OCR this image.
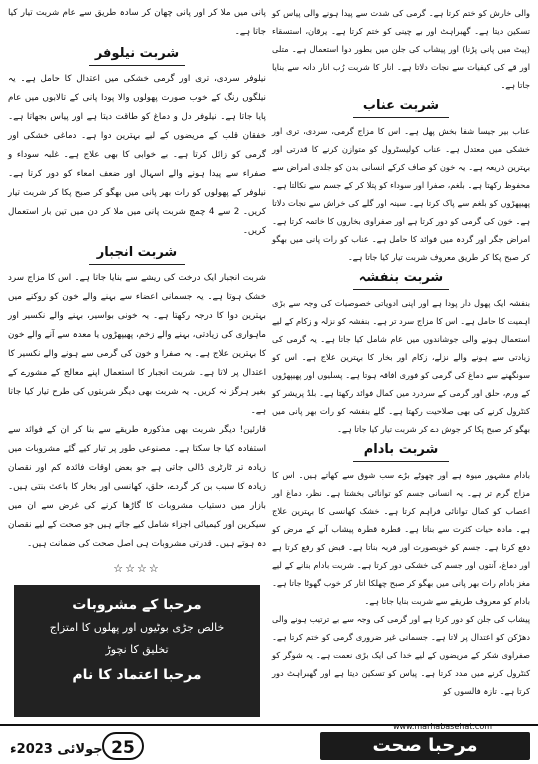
والی خارش کو ختم کرتا ہے۔ گرمی کی شدت سے پیدا ہونے والی پیاس کو تسکین دیتا ہے۔ گھبراہٹ اور بے چینی کو ختم کرتا ہے۔ یرقان، استسقاء (پیٹ میں پانی پڑنا) اور پیشاب کی جلن میں بطور دوا استعمال ہے۔ متلی اور قے کی کیفیات سے نجات دلاتا ہے۔ انار کا شربت رُب انار دانہ سے بنایا جاتا ہے۔

شربت عناب

عناب بیر جیسا شفا بخش پھل ہے۔ اس کا مزاج گرمی، سردی، تری اور خشکی میں معتدل ہے۔ عناب کولیسٹرول کو متوازن کرنے کا قدرتی اور بہترین ذریعہ ہے۔ یہ خون کو صاف کرکے انسانی بدن کو جلدی امراض سے محفوظ رکھتا ہے۔ بلغم، صفرا اور سوداء کو پتلا کر کے جسم سے نکالتا ہے۔ پھیپھڑوں کو بلغم سے پاک کرتا ہے۔ سینہ اور گلے کی خراش سے نجات دلاتا ہے۔ خون کی گرمی کو دور کرتا ہے اور صفراوی بخاروں کا خاتمہ کرتا ہے۔ امراض جگر اور گردہ میں فوائد کا حامل ہے۔ عناب کو رات پانی میں بھگو کر صبح پکا کر طریق معروف شربت تیار کیا جاتا ہے۔

شربت بنفشہ

بنفشہ ایک پھول دار پودا ہے اور اپنی ادویاتی خصوصیات کی وجہ سے بڑی اہمیت کا حامل ہے۔ اس کا مزاج سرد تر ہے۔ بنفشہ کو نزلہ و زکام کے لیے استعمال ہونے والی جوشاندوں میں عام شامل کیا جاتا ہے۔ یہ گرمی کی زیادتی سے ہونے والے نزلے، زکام اور بخار کا بہترین علاج ہے۔ اس کو سونگھنے سے دماغ کی گرمی کو فوری افاقہ ہوتا ہے۔ پسلیوں اور پھیپھڑوں کے ورم، حلق اور گرمی کے سردرد میں کمال فوائد رکھتا ہے۔ بلڈ پریشر کو کنٹرول کرنے کی بھی صلاحیت رکھتا ہے۔ گلے بنفشہ کو رات بھر پانی میں بھگو کر صبح پکا کر جوش دے کر شربت تیار کیا جاتا ہے۔

شربت بادام

بادام مشہور میوہ ہے اور چھوٹے بڑے سب شوق سے کھاتے ہیں۔ اس کا مزاج گرم تر ہے۔ یہ انسانی جسم کو توانائی بخشتا ہے۔ نظر، دماغ اور اعصاب کو کمال توانائی فراہم کرتا ہے۔ خشک کھانسی کا بہترین علاج ہے۔ مادہ حیات کثرت سے بناتا ہے۔ قطرہ قطرہ پیشاب آنے کے مرض کو دفع کرتا ہے۔ جسم کو خوبصورت اور فربہ بناتا ہے۔ قبض کو رفع کرتا ہے اور دماغ، آنتوں اور جسم کی خشکی دور کرتا ہے۔ شربت بادام بنانے کے لیے مغز بادام رات بھر پانی میں بھگو کر صبح چھلکا اتار کر خوب گھوٹا جاتا ہے۔ بادام کو معروف طریقے سے شربت بنایا جاتا ہے۔

پیشاب کی جلن کو دور کرتا ہے اور گرمی کی وجہ سے بے ترتیب ہونے والی دھڑکن کو اعتدال پر لاتا ہے۔ جسمانی غیر ضروری گرمی کو ختم کرتا ہے۔ صفراوی شکر کے مریضوں کے لیے خدا کی ایک بڑی نعمت ہے۔ یہ شوگر کو کنٹرول کرنے میں مدد کرتا ہے۔ پیاس کو تسکین دیتا ہے اور گھبراہٹ دور کرتا ہے۔ تازہ فالسوں کو

پانی میں ملا کر اور پانی چھان کر سادہ طریق سے عام شربت تیار کیا جاتا ہے۔

شربت نیلوفر

نیلوفر سردی، تری اور گرمی خشکی میں اعتدال کا حامل ہے۔ یہ نیلگوں رنگ کے خوب صورت پھولوں والا پودا پانی کے تالابوں میں عام پایا جاتا ہے۔ نیلوفر دل و دماغ کو طاقت دیتا ہے اور پیاس بجھاتا ہے۔ خفقان قلب کے مریضوں کے لیے بہترین دوا ہے۔ دماغی خشکی اور گرمی کو زائل کرتا ہے۔ بے خوابی کا بھی علاج ہے۔ غلبہ سوداء و صفراء سے پیدا ہونے والے اسہال اور ضعف امعاء کو دور کرتا ہے۔ نیلوفر کے پھولوں کو رات بھر پانی میں بھگو کر صبح پکا کر شربت تیار کریں۔ 2 سے 4 چمچ شربت پانی میں ملا کر دن میں تین بار استعمال کریں۔

شربت انجبار

شربت انجبار ایک درخت کی ریشے سے بنایا جاتا ہے۔ اس کا مزاج سرد خشک ہوتا ہے۔ یہ جسمانی اعضاء سے بہنے والے خون کو روکنے میں بہترین دوا کا درجہ رکھتا ہے۔ یہ خونی بواسیر، بہنے والے نکسیر اور ماہواری کی زیادتی، بہنے والے زخم، پھیپھڑوں یا معدہ سے آنے والے خون کا بہترین علاج ہے۔ یہ صفرا و خون کی گرمی سے ہونے والے نکسیر کا اعتدال پر لاتا ہے۔ شربت انجبار کا استعمال اپنے معالج کے مشورے کے بغیر ہرگز نہ کریں۔ یہ شربت بھی دیگر شربتوں کی طرح تیار کیا جاتا ہے۔

قارئین! دیگر شربت بھی مذکورہ طریقے سے بنا کر ان کے فوائد سے استفادہ کیا جا سکتا ہے۔ مصنوعی طور پر تیار کیے گئے مشروبات میں زیادہ تر ٹارٹری ڈالی جاتی ہے جو بعض اوقات فائدہ کم اور نقصان زیادہ کا سبب بن کر گردے، حلق، کھانسی اور بخار کا باعث بنتی ہیں۔ بازار میں دستیاب مشروبات کا گاڑھا کرنے کی غرض سے ان میں سیکرین اور کیمیائی اجزاء شامل کیے جاتے ہیں جو صحت کے لیے نقصان دہ ہوتے ہیں۔ قدرتی مشروبات ہی اصل صحت کی ضمانت ہیں۔

☆☆☆☆
مرحبا کے مشروبات
خالص جڑی بوٹیوں اور پھلوں کا امتزاج
تخلیق کا نچوڑ
مرحبا اعتماد کا نام
www.marhabasehat.com
مرحبا صحت
25
جولائی 2023ء
